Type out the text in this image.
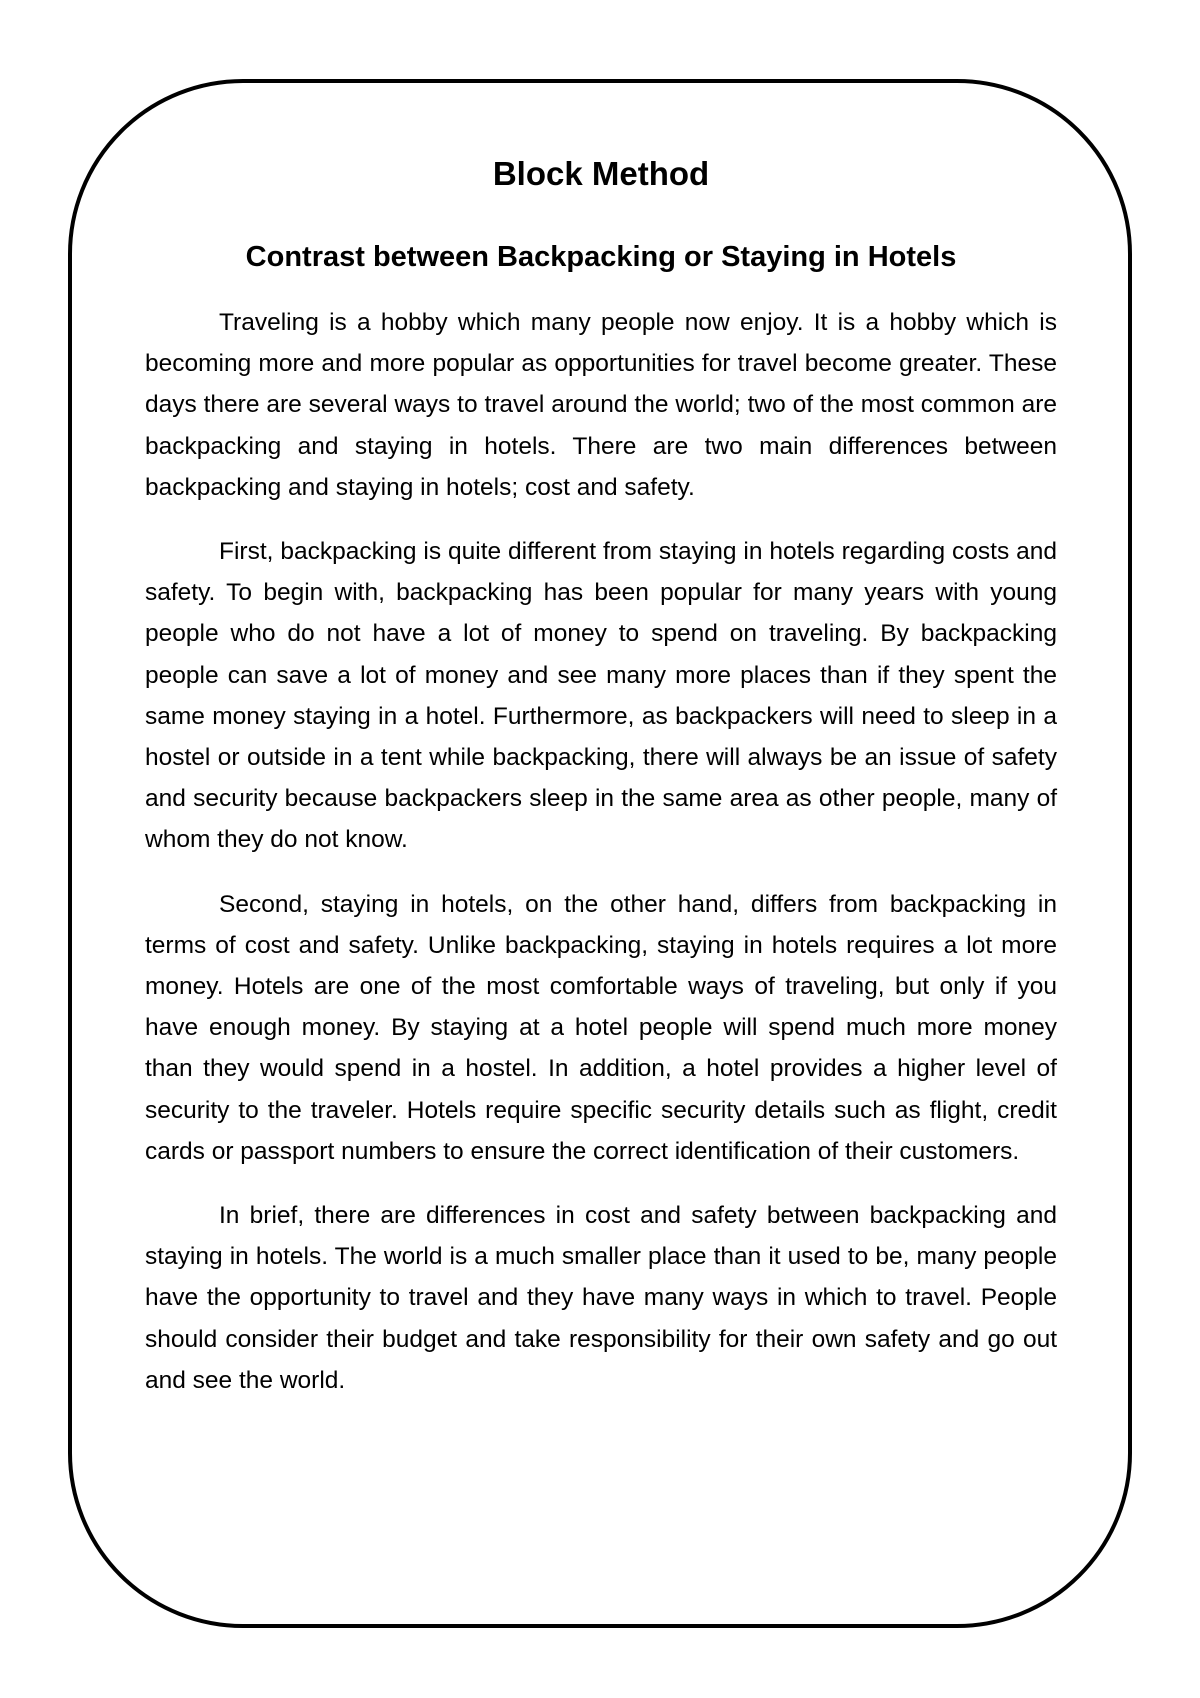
Block Method
Contrast between Backpacking or Staying in Hotels

Traveling is a hobby which many people now enjoy. It is a hobby which is becoming more and more popular as opportunities for travel become greater. These days there are several ways to travel around the world; two of the most common are backpacking and staying in hotels. There are two main differences between backpacking and staying in hotels; cost and safety.

First, backpacking is quite different from staying in hotels regarding costs and safety. To begin with, backpacking has been popular for many years with young people who do not have a lot of money to spend on traveling. By backpacking people can save a lot of money and see many more places than if they spent the same money staying in a hotel. Furthermore, as backpackers will need to sleep in a hostel or outside in a tent while backpacking, there will always be an issue of safety and security because backpackers sleep in the same area as other people, many of whom they do not know.

Second, staying in hotels, on the other hand, differs from backpacking in terms of cost and safety. Unlike backpacking, staying in hotels requires a lot more money. Hotels are one of the most comfortable ways of traveling, but only if you have enough money. By staying at a hotel people will spend much more money than they would spend in a hostel. In addition, a hotel provides a higher level of security to the traveler. Hotels require specific security details such as flight, credit cards or passport numbers to ensure the correct identification of their customers.

In brief, there are differences in cost and safety between backpacking and staying in hotels. The world is a much smaller place than it used to be, many people have the opportunity to travel and they have many ways in which to travel. People should consider their budget and take responsibility for their own safety and go out and see the world.
